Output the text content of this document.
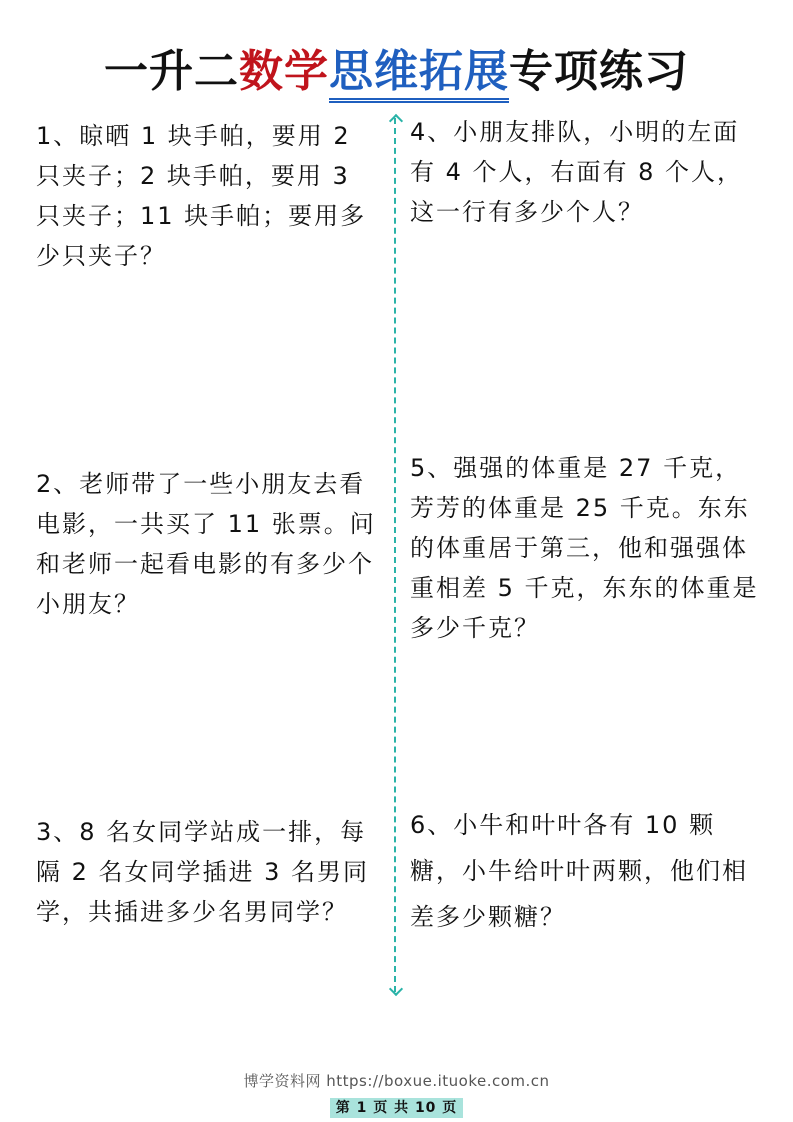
一升二数学思维拓展专项练习
1、晾晒 1 块手帕，要用 2 只夹子；2 块手帕，要用 3 只夹子；11 块手帕；要用多少只夹子？
2、老师带了一些小朋友去看电影，一共买了 11 张票。问和老师一起看电影的有多少个小朋友？
3、8 名女同学站成一排，每隔 2 名女同学插进 3 名男同学，共插进多少名男同学？
4、小朋友排队，小明的左面有 4 个人，右面有 8 个人，这一行有多少个人？
5、强强的体重是 27 千克，芳芳的体重是 25 千克。东东的体重居于第三，他和强强体重相差 5 千克，东东的体重是多少千克？
6、小牛和叶叶各有 10 颗糖，小牛给叶叶两颗，他们相差多少颗糖？
博学资料网 https://boxue.ituoke.com.cn
第 1 页 共 10 页
